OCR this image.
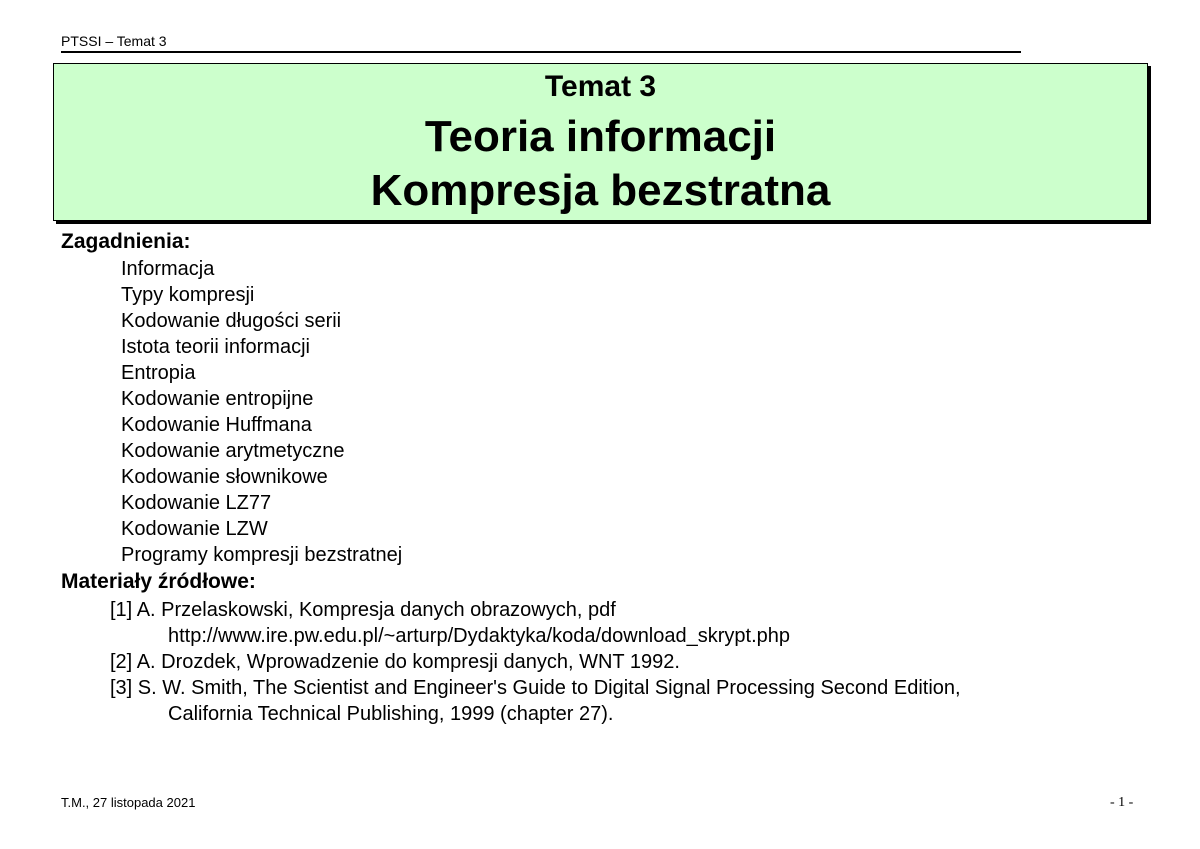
PTSSI – Temat 3
Temat 3
Teoria informacji
Kompresja bezstratna
Zagadnienia:
Informacja
Typy kompresji
Kodowanie długości serii
Istota teorii informacji
Entropia
Kodowanie entropijne
Kodowanie Huffmana
Kodowanie arytmetyczne
Kodowanie słownikowe
Kodowanie LZ77
Kodowanie LZW
Programy kompresji bezstratnej
Materiały źródłowe:
[1] A. Przelaskowski, Kompresja danych obrazowych, pdf
http://www.ire.pw.edu.pl/~arturp/Dydaktyka/koda/download_skrypt.php
[2] A. Drozdek, Wprowadzenie do kompresji danych, WNT 1992.
[3] S. W. Smith, The Scientist and Engineer's Guide to Digital Signal Processing Second Edition,
California Technical Publishing, 1999 (chapter 27).
T.M., 27 listopada 2021	- 1 -
